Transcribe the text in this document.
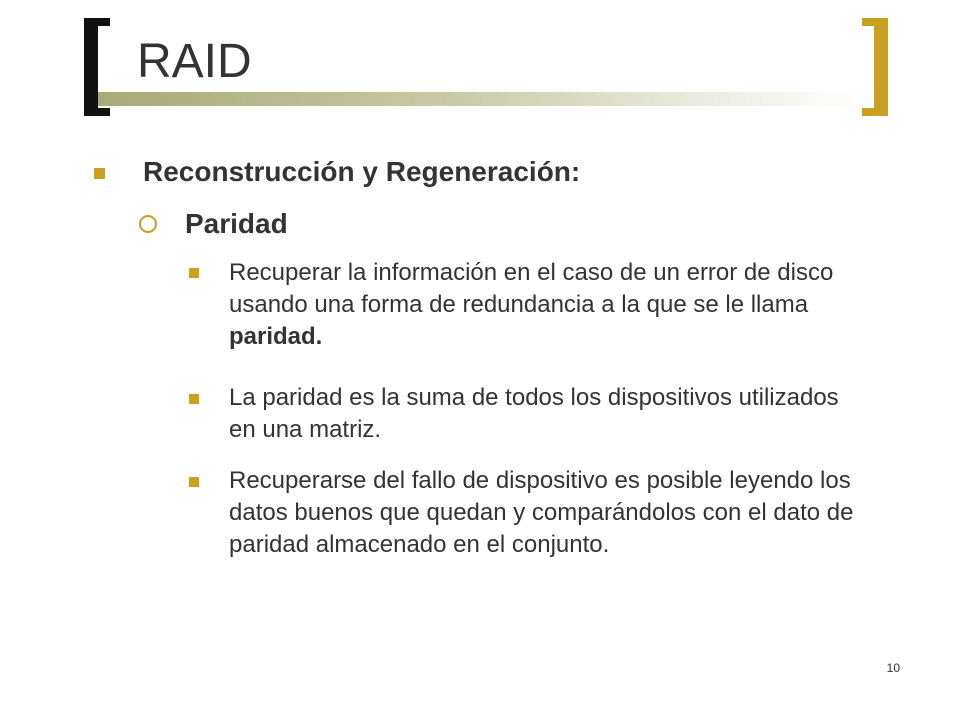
RAID
Reconstrucción y Regeneración:
Paridad
Recuperar la información en el caso de un error de disco usando una forma de redundancia a la que se le llama paridad.
La paridad es la suma de todos los dispositivos utilizados en una matriz.
Recuperarse del fallo de dispositivo es posible leyendo los datos buenos que quedan y comparándolos con el dato de paridad almacenado en el conjunto.
10
